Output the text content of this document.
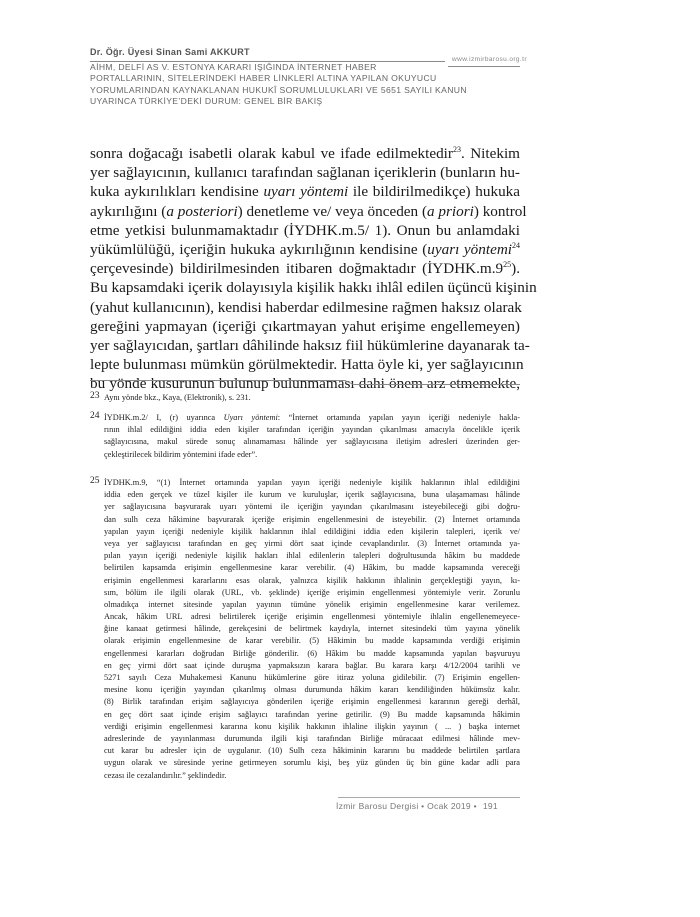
Dr. Öğr. Üyesi Sinan Sami AKKURT
www.izmirbarosu.org.tr
AİHM, DELFİ AS V. ESTONYA KARARI IŞIĞINDA İNTERNET HABER
PORTALLARININ, SİTELERİNDEKİ HABER LİNKLERİ ALTINA YAPILAN OKUYUCU
YORUMLARINDAN KAYNAKLANAN HUKUKÎ SORUMLULUKLARI VE 5651 SAYILI KANUN
UYARINCA TÜRKİYE’DEKİ DURUM: GENEL BİR BAKIŞ
sonra doğacağı isabetli olarak kabul ve ifade edilmektedir$^{23}$. Nitekim
yer sağlayıcının, kullanıcı tarafından sağlanan içeriklerin (bunların hu-
kuka aykırılıkları kendisine uyarı yöntemi ile bildirilmedikçe) hukuka
aykırılığını (a posteriori) denetleme ve/ veya önceden (a priori) kontrol
etme yetkisi bulunmamaktadır (İYDHK.m.5/ 1). Onun bu anlamdaki
yükümlülüğü, içeriğin hukuka aykırılığının kendisine (uyarı yöntemi$^{24}$
çerçevesinde) bildirilmesinden itibaren doğmaktadır $(İYDHK.m.9^{25})$.
Bu kapsamdaki içerik dolayısıyla kişilik hakkı ihlâl edilen üçüncü kişinin
(yahut kullanıcının), kendisi haberdar edilmesine rağmen haksız olarak
gereğini yapmayan (içeriği çıkartmayan yahut erişime engellemeyen)
yer sağlayıcıdan, şartları dâhilinde haksız fiil hükümlerine dayanarak ta-
lepte bulunması mümkün görülmektedir. Hatta öyle ki, yer sağlayıcının
bu yönde kusurunun bulunup bulunmaması dahi önem arz etmemekte,
23 Aynı yönde bkz., Kaya, (Elektronik), s. 231.
24 İYDHK.m.2/ I, (r) uyarınca Uyarı yöntemi: “İnternet ortamında yapılan yayın içeriği nedeniyle hakla-
rının ihlal edildiğini iddia eden kişiler tarafından içeriğin yayından çıkarılması amacıyla öncelikle içerik
sağlayıcısına, makul sürede sonuç alınamaması hâlinde yer sağlayıcısına iletişim adresleri üzerinden ger-
çekleştirilecek bildirim yöntemini ifade eder”.
25 İYDHK.m.9, “(1) İnternet ortamında yapılan yayın içeriği nedeniyle kişilik haklarının ihlal edildiğini
iddia eden gerçek ve tüzel kişiler ile kurum ve kuruluşlar, içerik sağlayıcısına, buna ulaşamaması hâlinde
yer sağlayıcısına başvurarak uyarı yöntemi ile içeriğin yayından çıkarılmasını isteyebileceği gibi doğru-
dan sulh ceza hâkimine başvurarak içeriğe erişimin engellenmesini de isteyebilir. (2) İnternet ortamında
yapılan yayın içeriği nedeniyle kişilik haklarının ihlal edildiğini iddia eden kişilerin talepleri, içerik ve/
veya yer sağlayıcısı tarafından en geç yirmi dört saat içinde cevaplandırılır. (3) İnternet ortamında ya-
pılan yayın içeriği nedeniyle kişilik hakları ihlal edilenlerin talepleri doğrultusunda hâkim bu maddede
belirtilen kapsamda erişimin engellenmesine karar verebilir. (4) Hâkim, bu madde kapsamında vereceği
erişimin engellenmesi kararlarını esas olarak, yalnızca kişilik hakkının ihlalinin gerçekleştiği yayın, kı-
sım, bölüm ile ilgili olarak (URL, vb. şeklinde) içeriğe erişimin engellenmesi yöntemiyle verir. Zorunlu
olmadıkça internet sitesinde yapılan yayının tümüne yönelik erişimin engellenmesine karar verilemez.
Ancak, hâkim URL adresi belirtilerek içeriğe erişimin engellenmesi yöntemiyle ihlalin engellenemeyece-
ğine kanaat getirmesi hâlinde, gerekçesini de belirtmek kaydıyla, internet sitesindeki tüm yayına yönelik
olarak erişimin engellenmesine de karar verebilir. (5) Hâkimin bu madde kapsamında verdiği erişimin
engellenmesi kararları doğrudan Birliğe gönderilir. (6) Hâkim bu madde kapsamında yapılan başvuruyu
en geç yirmi dört saat içinde duruşma yapmaksızın karara bağlar. Bu karara karşı 4/12/2004 tarihli ve
5271 sayılı Ceza Muhakemesi Kanunu hükümlerine göre itiraz yoluna gidilebilir. (7) Erişimin engellen-
mesine konu içeriğin yayından çıkarılmış olması durumunda hâkim kararı kendiliğinden hükümsüz kalır.
(8) Birlik tarafından erişim sağlayıcıya gönderilen içeriğe erişimin engellenmesi kararının gereği derhâl,
en geç dört saat içinde erişim sağlayıcı tarafından yerine getirilir. (9) Bu madde kapsamında hâkimin
verdiği erişimin engellenmesi kararına konu kişilik hakkının ihlaline ilişkin yayının ( ... ) başka internet
adreslerinde de yayınlanması durumunda ilgili kişi tarafından Birliğe müracaat edilmesi hâlinde mev-
cut karar bu adresler için de uygulanır. (10) Sulh ceza hâkiminin kararını bu maddede belirtilen şartlara
uygun olarak ve süresinde yerine getirmeyen sorumlu kişi, beş yüz günden üç bin güne kadar adli para
cezası ile cezalandırılır.” şeklindedir.
İzmir Barosu Dergisi • Ocak 2019 • 191
